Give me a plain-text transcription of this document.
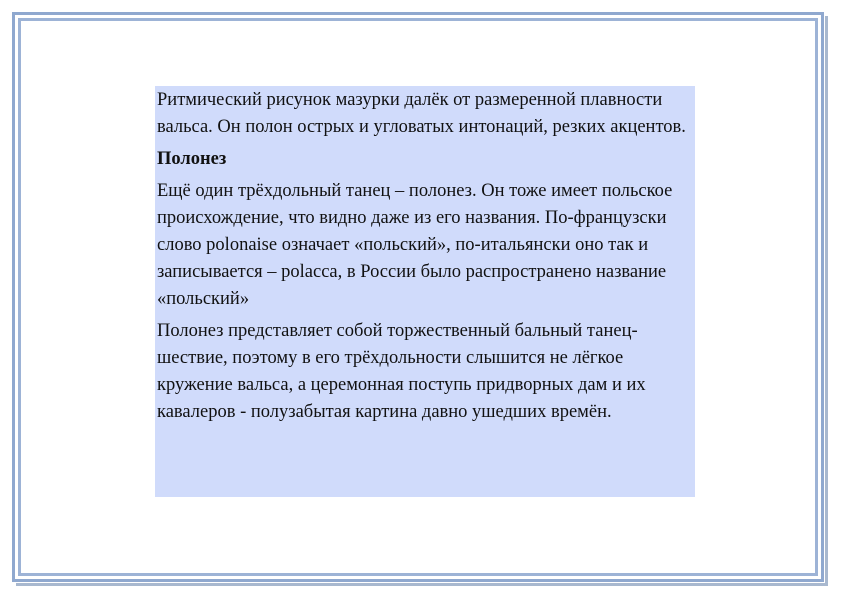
Ритмический рисунок мазурки далёк от размеренной плавности вальса. Он полон острых и угловатых интонаций, резких акцентов.

Полонез

Ещё один трёхдольный танец – полонез. Он тоже имеет польское происхождение, что видно даже из его названия. По-французски слово polonaise означает «польский», по-итальянски оно так и записывается – polacca, в России было распространено название «польский»

Полонез представляет собой торжественный бальный танец-шествие, поэтому в его трёхдольности слышится не лёгкое кружение вальса, а церемонная поступь придворных дам и их кавалеров - полузабытая картина давно ушедших времён.
